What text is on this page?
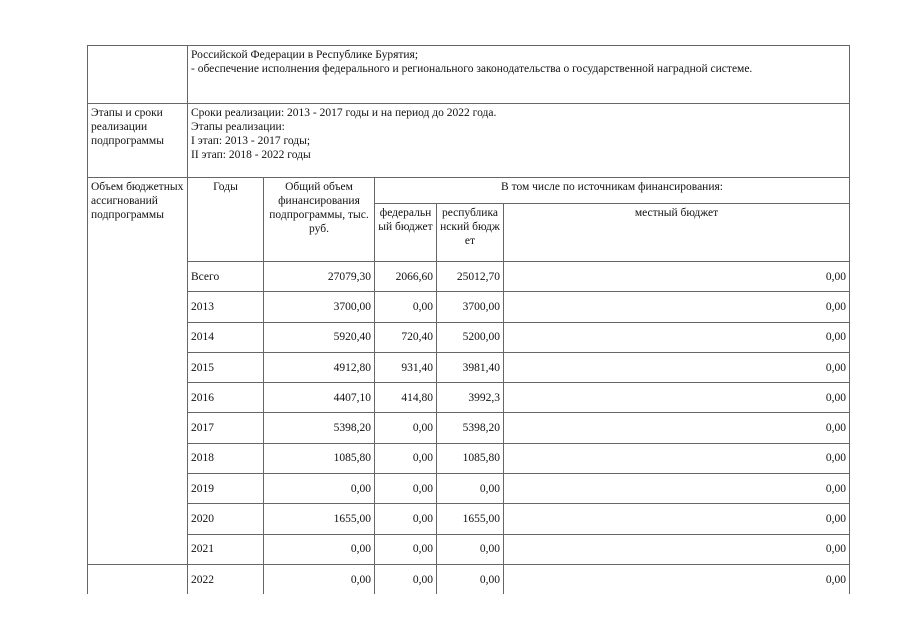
	Российской Федерации в Республике Бурятия;
- обеспечение исполнения федерального и регионального законодательства о государственной наградной системе.				

Этапы и сроки реализации подпрограммы	Сроки реализации: 2013 - 2017 годы и на период до 2022 года.
Этапы реализации:
I этап: 2013 - 2017 годы;
II этап: 2018 - 2022 годы				

Объем бюджетных ассигнований подпрограммы	Годы	Общий объем финансирования подпрограммы, тыс. руб.	В том числе по источникам финансирования:		
			федеральный бюджет	республиканский бюджет	местный бюджет
	Всего	27079,30	2066,60	25012,70	0,00
	2013	3700,00	0,00	3700,00	0,00
	2014	5920,40	720,40	5200,00	0,00
	2015	4912,80	931,40	3981,40	0,00
	2016	4407,10	414,80	3992,3	0,00
	2017	5398,20	0,00	5398,20	0,00
	2018	1085,80	0,00	1085,80	0,00
	2019	0,00	0,00	0,00	0,00
	2020	1655,00	0,00	1655,00	0,00
	2021	0,00	0,00	0,00	0,00
	2022	0,00	0,00	0,00	0,00
